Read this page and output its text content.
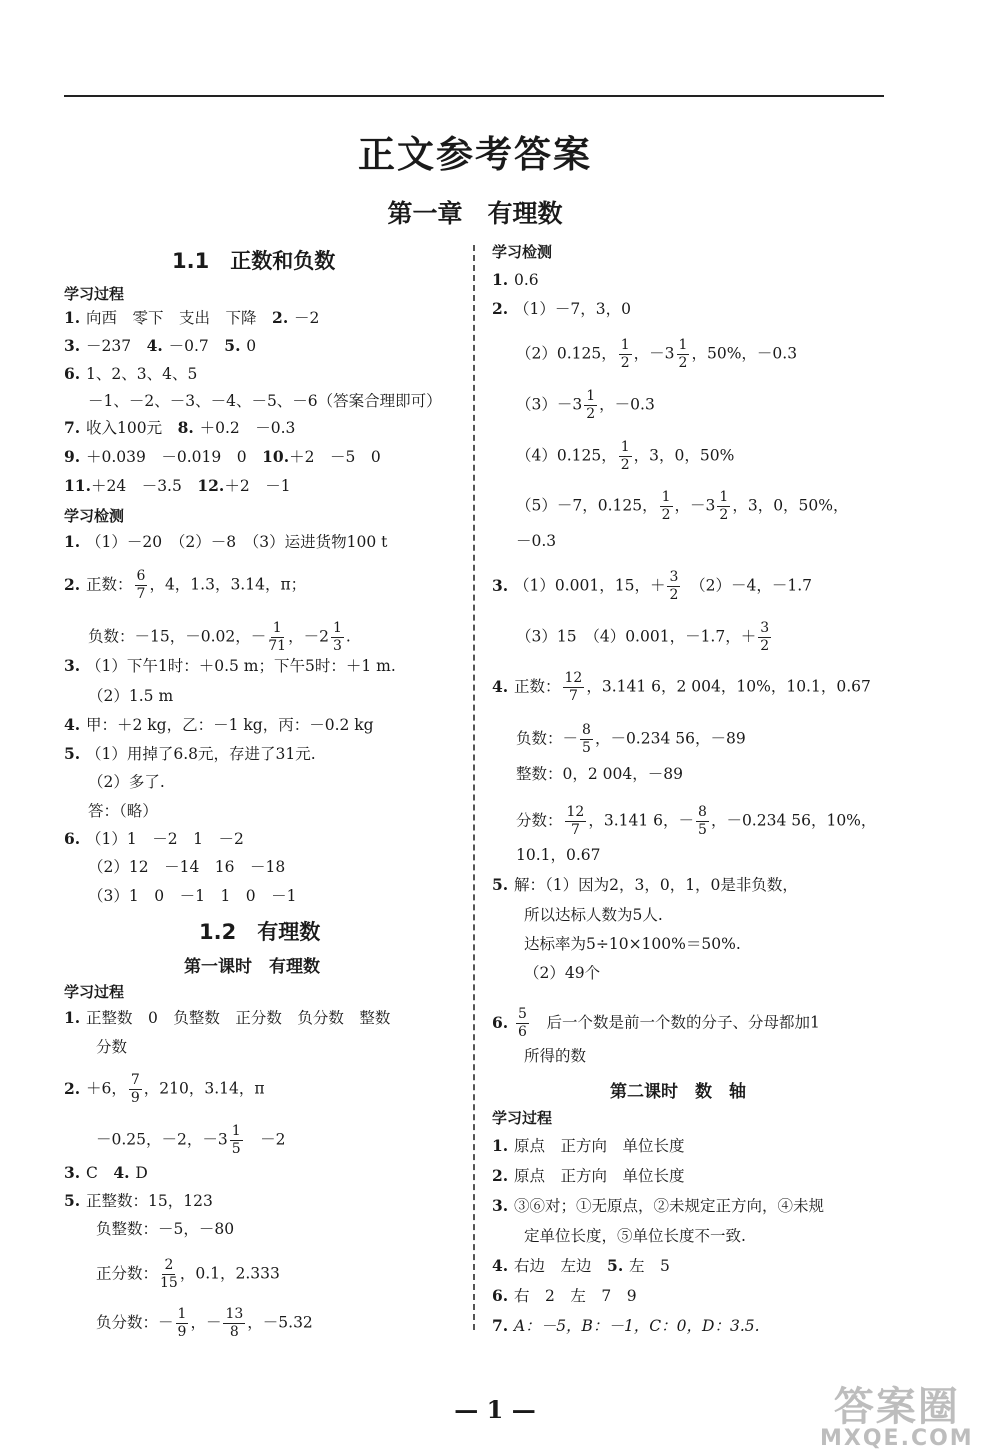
正文参考答案
第一章　有理数
1.1　正数和负数
学习过程
1. 向西　零下　支出　下降　 2. －2
3. －237　 4. －0.7　 5. 0
6. 1、2、3、4、5
－1、－2、－3、－4、－5、－6（答案合理即可）
7. 收入100元　 8. ＋0.2　－0.3
9. ＋0.039　－0.019　0　 10.＋2　－5　0
11.＋24　－3.5　 12.＋2　－1
学习检测
1. （1）－20　（2）－8　（3）运进货物100 t
2. 正数： $\frac{6}{7}$ ，4，1.3，3.14，π；
负数：－15，－0.02，－ $\frac{1}{71}$ ，$-2 \frac{1}{3}$ .
3. （1）下午1时：＋0.5 m；下午5时：＋1 m.
（2）1.5 m
4. 甲：＋2 kg，乙：－1 kg，丙：－0.2 kg
5. （1）用掉了6.8元，存进了31元.
（2）多了.
答：（略）
6. （1）1　－2　1　－2
（2）12　－14　16　－18
（3）1　0　－1　1　0　－1
1.2　有理数
第一课时　有理数
学习过程
1. 正整数　0　负整数　正分数　负分数　整数
分数
2. ＋6， $\frac{7}{9}$ ，210，3.14，π
－0.25，－2，$-3 \frac{1}{5}$ 　－2
3. C　 4. D
5. 正整数：15，123
负整数：－5，－80
正分数： $\frac{2}{15}$ ，0.1，2.333
负分数：－ $\frac{1}{9}$ ，－ $\frac{13}{8}$ ，－5.32
学习检测
1. 0.6
2. （1）－7，3，0
（2）0.125， $\frac{1}{2}$ ，$-3 \frac{1}{2}$ ，50%，－0.3
$(3)-3 \frac{1}{2}$ ，－0.3
（4）0.125， $\frac{1}{2}$ ，3，0，50%
（5）－7，0.125， $\frac{1}{2}$ ，$-3 \frac{1}{2}$ ，3，0，50%，
－0.3
3. （1）0.001，15，＋ $\frac{3}{2}$ 　（2）－4，－1.7
（3）15　（4）0.001，－1.7，＋ $\frac{3}{2}$
4. 正数： $\frac{12}{7}$ ，3.141 6，2 004，10%，10.1，0.67
负数：－ $\frac{8}{5}$ ，－0.234 56，－89
整数：0，2 004，－89
分数： $\frac{12}{7}$ ，3.141 6，－ $\frac{8}{5}$ ，－0.234 56，10%，
10.1，0.67
5. 解：（1）因为2，3，0，1，0是非负数，
所以达标人数为5人.
达标率为5÷10×100%＝50%.
（2）49个
6. $\frac{5}{6}$
　 后一个数是前一个数的分子、分母都加1
所得的数
第二课时　数　轴
学习过程
1. 原点　正方向　单位长度
2. 原点　正方向　单位长度
3. ③⑥对；①无原点，②未规定正方向，④未规
定单位长度，⑤单位长度不一致.
4. 右边　左边　 5. 左　5
6. 右　2　左　7　9
7. A：－5，B：－1，C：0，D：3.5.
— 1 —	答案圈
MXQE.COM
